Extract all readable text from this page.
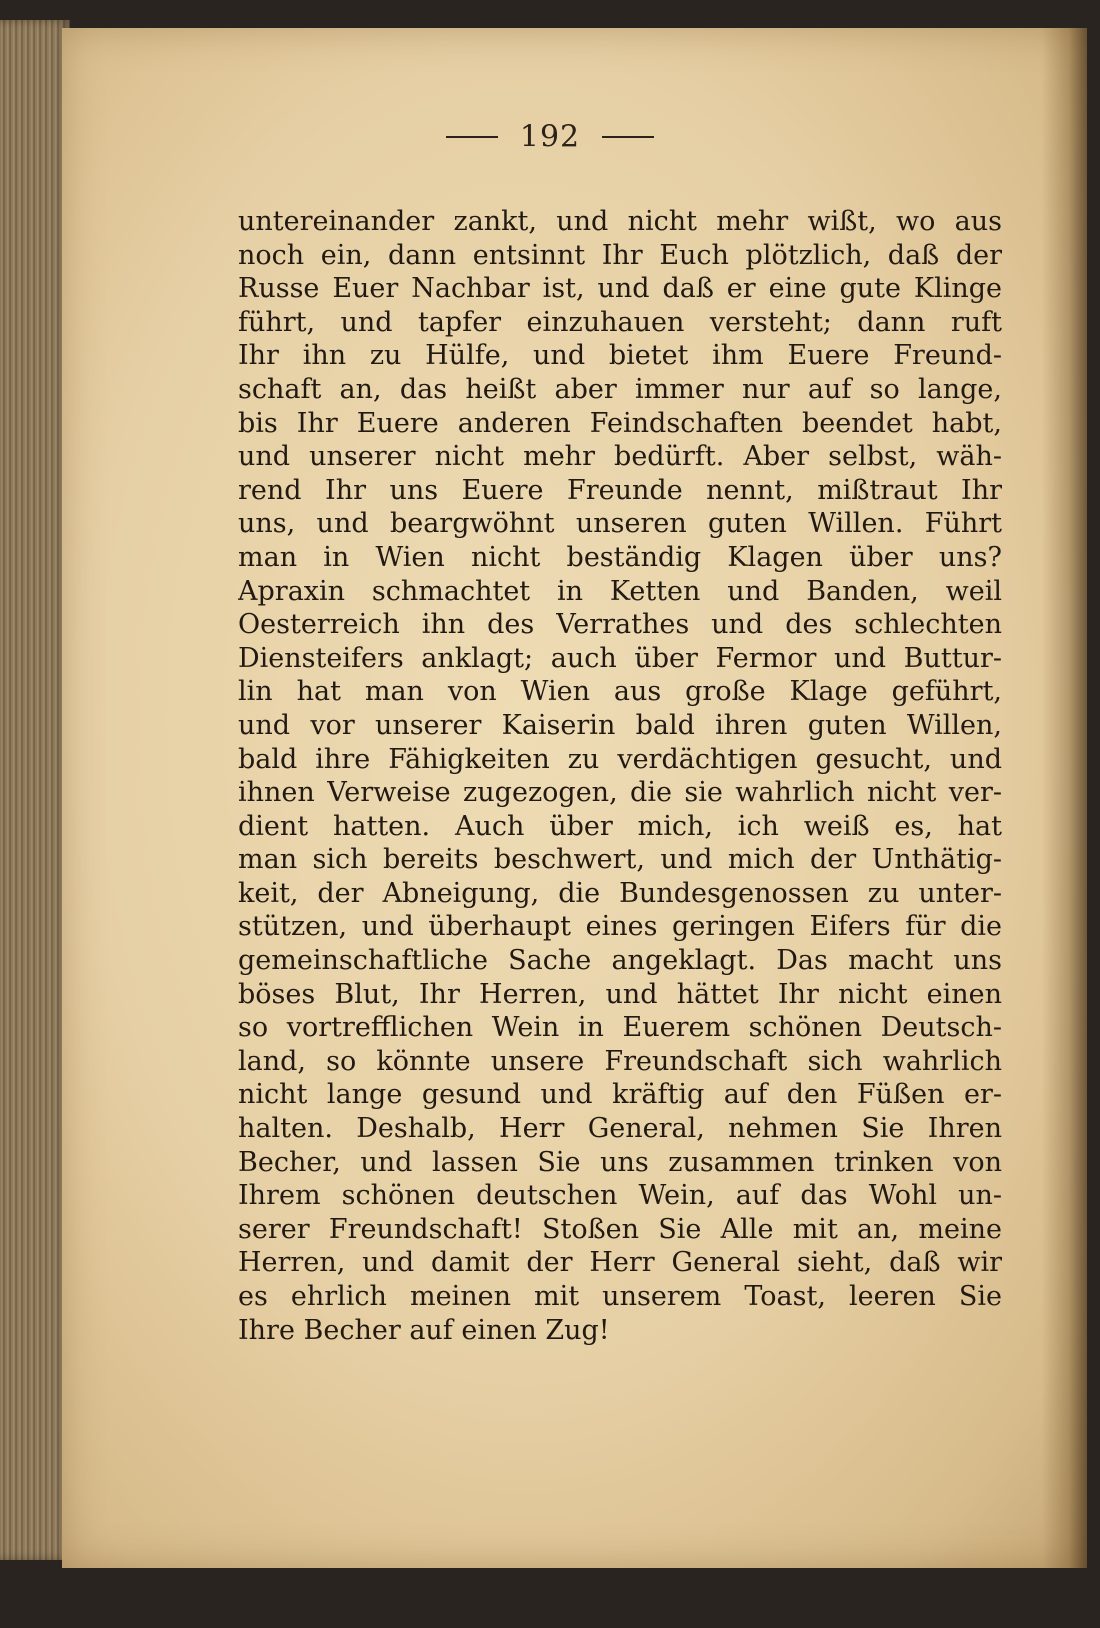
192
untereinander zankt, und nicht mehr wißt, wo aus
noch ein, dann entsinnt Ihr Euch plötzlich, daß der
Russe Euer Nachbar ist, und daß er eine gute Klinge
führt, und tapfer einzuhauen versteht; dann ruft
Ihr ihn zu Hülfe, und bietet ihm Euere Freund-
schaft an, das heißt aber immer nur auf so lange,
bis Ihr Euere anderen Feindschaften beendet habt,
und unserer nicht mehr bedürft. Aber selbst, wäh-
rend Ihr uns Euere Freunde nennt, mißtraut Ihr
uns, und beargwöhnt unseren guten Willen. Führt
man in Wien nicht beständig Klagen über uns?
Apraxin schmachtet in Ketten und Banden, weil
Oesterreich ihn des Verrathes und des schlechten
Diensteifers anklagt; auch über Fermor und Buttur-
lin hat man von Wien aus große Klage geführt,
und vor unserer Kaiserin bald ihren guten Willen,
bald ihre Fähigkeiten zu verdächtigen gesucht, und
ihnen Verweise zugezogen, die sie wahrlich nicht ver-
dient hatten. Auch über mich, ich weiß es, hat
man sich bereits beschwert, und mich der Unthätig-
keit, der Abneigung, die Bundesgenossen zu unter-
stützen, und überhaupt eines geringen Eifers für die
gemeinschaftliche Sache angeklagt. Das macht uns
böses Blut, Ihr Herren, und hättet Ihr nicht einen
so vortrefflichen Wein in Euerem schönen Deutsch-
land, so könnte unsere Freundschaft sich wahrlich
nicht lange gesund und kräftig auf den Füßen er-
halten. Deshalb, Herr General, nehmen Sie Ihren
Becher, und lassen Sie uns zusammen trinken von
Ihrem schönen deutschen Wein, auf das Wohl un-
serer Freundschaft! Stoßen Sie Alle mit an, meine
Herren, und damit der Herr General sieht, daß wir
es ehrlich meinen mit unserem Toast, leeren Sie
Ihre Becher auf einen Zug!
